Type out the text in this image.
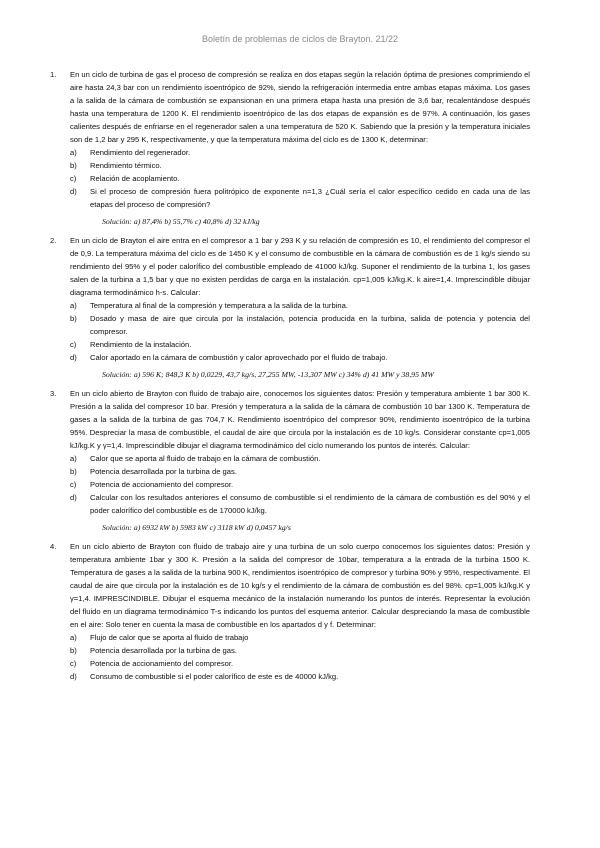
Boletín de problemas de ciclos de Brayton. 21/22
1. En un ciclo de turbina de gas el proceso de compresión se realiza en dos etapas según la relación óptima de presiones comprimiendo el aire hasta 24,3 bar con un rendimiento isoentrópico de 92%, siendo la refrigeración intermedia entre ambas etapas máxima. Los gases a la salida de la cámara de combustión se expansionan en una primera etapa hasta una presión de 3,6 bar, recalentándose después hasta una temperatura de 1200 K. El rendimiento isoentrópico de las dos etapas de expansión es de 97%. A continuación, los gases calientes después de enfriarse en el regenerador salen a una temperatura de 520 K. Sabiendo que la presión y la temperatura iniciales son de 1,2 bar y 295 K, respectivamente, y que la temperatura máxima del ciclo es de 1300 K, determinar:
a) Rendimiento del regenerador.
b) Rendimiento térmico.
c) Relación de acoplamiento.
d) Si el proceso de compresión fuera politrópico de exponente n=1,3 ¿Cuál sería el calor específico cedido en cada una de las etapas del proceso de compresión?
Solución: a) 87,4% b) 55,7% c) 40,8% d) 32 kJ/kg
2. En un ciclo de Brayton el aire entra en el compresor a 1 bar y 293 K y su relación de compresión es 10, el rendimiento del compresor el de 0,9. La temperatura máxima del ciclo es de 1450 K y el consumo de combustible en la cámara de combustión es de 1 kg/s siendo su rendimiento del 95% y el poder calorífico del combustible empleado de 41000 kJ/kg. Suponer el rendimiento de la turbina 1, los gases salen de la turbina a 1,5 bar y que no existen perdidas de carga en la instalación. cp=1,005 kJ/kg.K. k aire=1,4. Imprescindible dibujar diagrama termodinámico h-s. Calcular:
a) Temperatura al final de la compresión y temperatura a la salida de la turbina.
b) Dosado y masa de aire que circula por la instalación, potencia producida en la turbina, salida de potencia y potencia del compresor.
c) Rendimiento de la instalación.
d) Calor aportado en la cámara de combustión y calor aprovechado por el fluido de trabajo.
Solución: a) 596 K; 848,3 K b) 0,0229, 43,7 kg/s, 27,255 MW, -13,307 MW c) 34% d) 41 MW y 38,95 MW
3. En un ciclo abierto de Brayton con fluido de trabajo aire, conocemos los siguientes datos: Presión y temperatura ambiente 1 bar 300 K. Presión a la salida del compresor 10 bar. Presión y temperatura a la salida de la cámara de combustión 10 bar 1300 K. Temperatura de gases a la salida de la turbina de gas 704,7 K. Rendimiento isoentrópico del compresor 90%, rendimiento isoentrópico de la turbina 95%. Despreciar la masa de combustible, el caudal de aire que circula por la instalación es de 10 kg/s. Considerar constante cp=1,005 kJ/kg.K y γ=1,4. Imprescindible dibujar el diagrama termodinámico del ciclo numerando los puntos de interés. Calcular:
a) Calor que se aporta al fluido de trabajo en la cámara de combustión.
b) Potencia desarrollada por la turbina de gas.
c) Potencia de accionamiento del compresor.
d) Calcular con los resultados anteriores el consumo de combustible si el rendimiento de la cámara de combustión es del 90% y el poder calorífico del combustible es de 170000 kJ/kg.
Solución: a) 6932 kW b) 5983 kW c) 3118 kW d) 0,0457 kg/s
4. En un ciclo abierto de Brayton con fluido de trabajo aire y una turbina de un solo cuerpo conocemos los siguientes datos: Presión y temperatura ambiente 1bar y 300 K. Presión a la salida del compresor de 10bar, temperatura a la entrada de la turbina 1500 K. Temperatura de gases a la salida de la turbina 900 K, rendimientos isoentrópico de compresor y turbina 90% y 95%, respectivamente. El caudal de aire que circula por la instalación es de 10 kg/s y el rendimiento de la cámara de combustión es del 98%. cp=1,005 kJ/kg.K y γ=1,4. IMPRESCINDIBLE. Dibujar el esquema mecánico de la instalación numerando los puntos de interés. Representar la evolución del fluido en un diagrama termodinámico T-s indicando los puntos del esquema anterior. Calcular despreciando la masa de combustible en el aire: Solo tener en cuenta la masa de combustible en los apartados d y f. Determinar:
a) Flujo de calor que se aporta al fluido de trabajo
b) Potencia desarrollada por la turbina de gas.
c) Potencia de accionamiento del compresor.
d) Consumo de combustible si el poder calorífico de este es de 40000 kJ/kg.
